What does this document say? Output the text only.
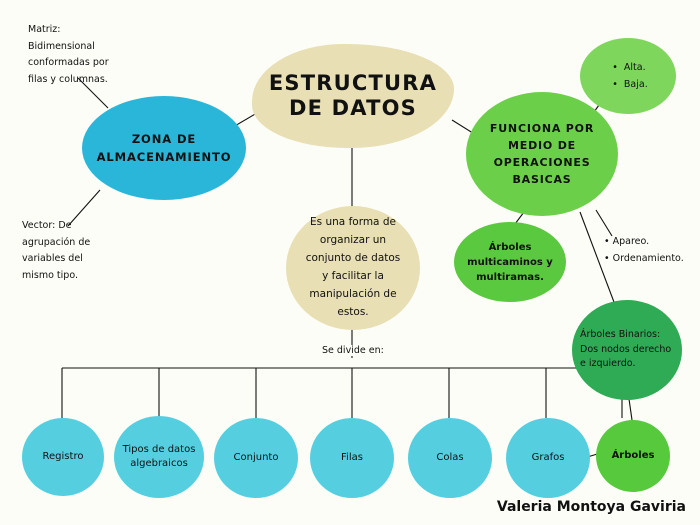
ESTRUCTURA DE DATOS
Es una forma de organizar un conjunto de datos y facilitar la manipulación de estos.
ZONA DE ALMACENAMIENTO
Matriz: Bidimensional conformadas por filas y columnas.
Vector: De agrupación de variables del mismo tipo.
FUNCIONA POR MEDIO DE OPERACIONES BASICAS
• Alta.
• Baja.
• Apareo.
• Ordenamiento.
Árboles multicaminos y multiramas.
Árboles Binarios: Dos nodos derecho e izquierdo.
Se divide en:
Registro
Tipos de datos algebraicos
Conjunto	Filas	Colas	Grafos	Árboles
Valeria Montoya Gaviria
